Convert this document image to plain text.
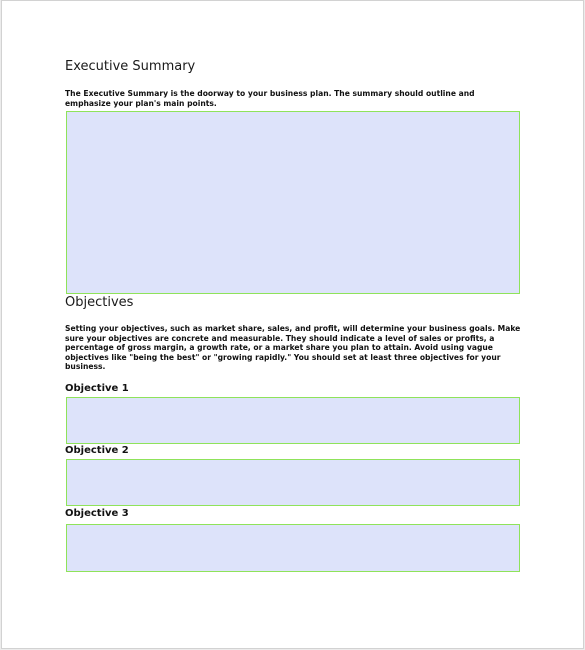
Executive Summary

The Executive Summary is the doorway to your business plan. The summary should outline and emphasize your plan's main points.

Objectives

Setting your objectives, such as market share, sales, and profit, will determine your business goals. Make sure your objectives are concrete and measurable. They should indicate a level of sales or profits, a percentage of gross margin, a growth rate, or a market share you plan to attain. Avoid using vague objectives like "being the best" or "growing rapidly." You should set at least three objectives for your business.

Objective 1
Objective 2
Objective 3
